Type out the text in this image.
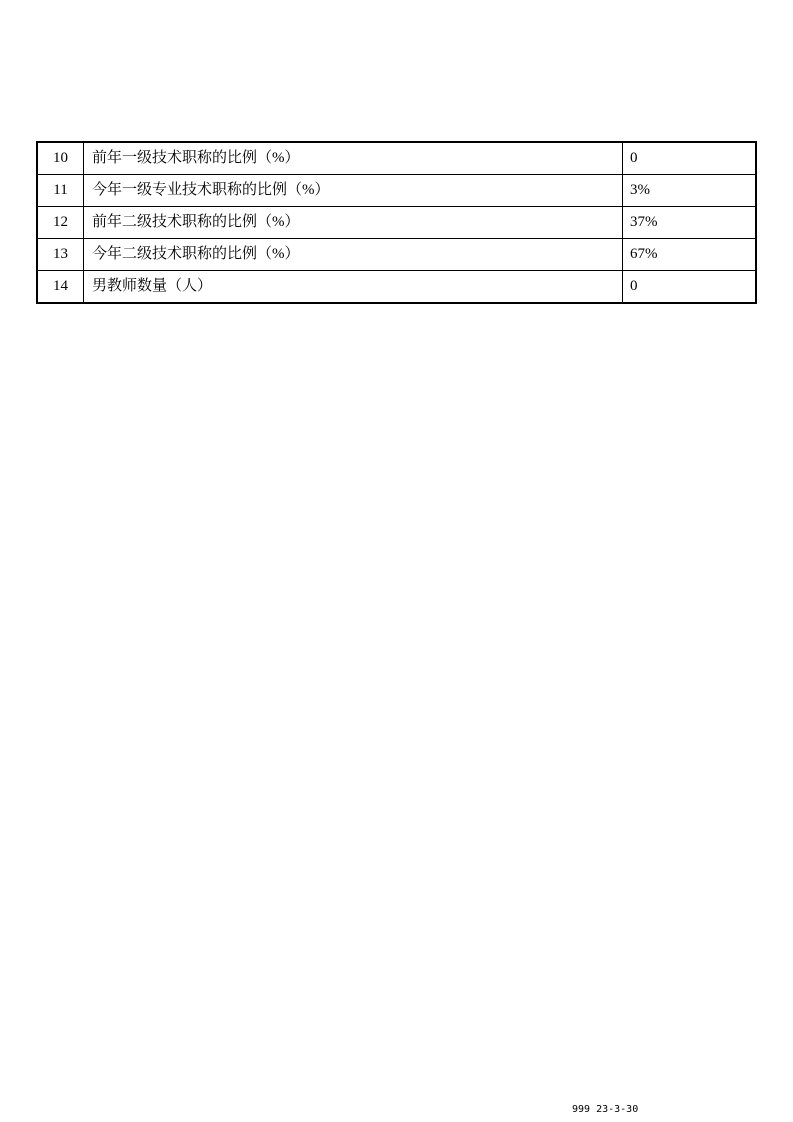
10	前年一级技术职称的比例（%）	0
11	今年一级专业技术职称的比例（%）	3%
12	前年二级技术职称的比例（%）	37%
13	今年二级技术职称的比例（%）	67%
14	男教师数量（人）	0
999 23-3-30
